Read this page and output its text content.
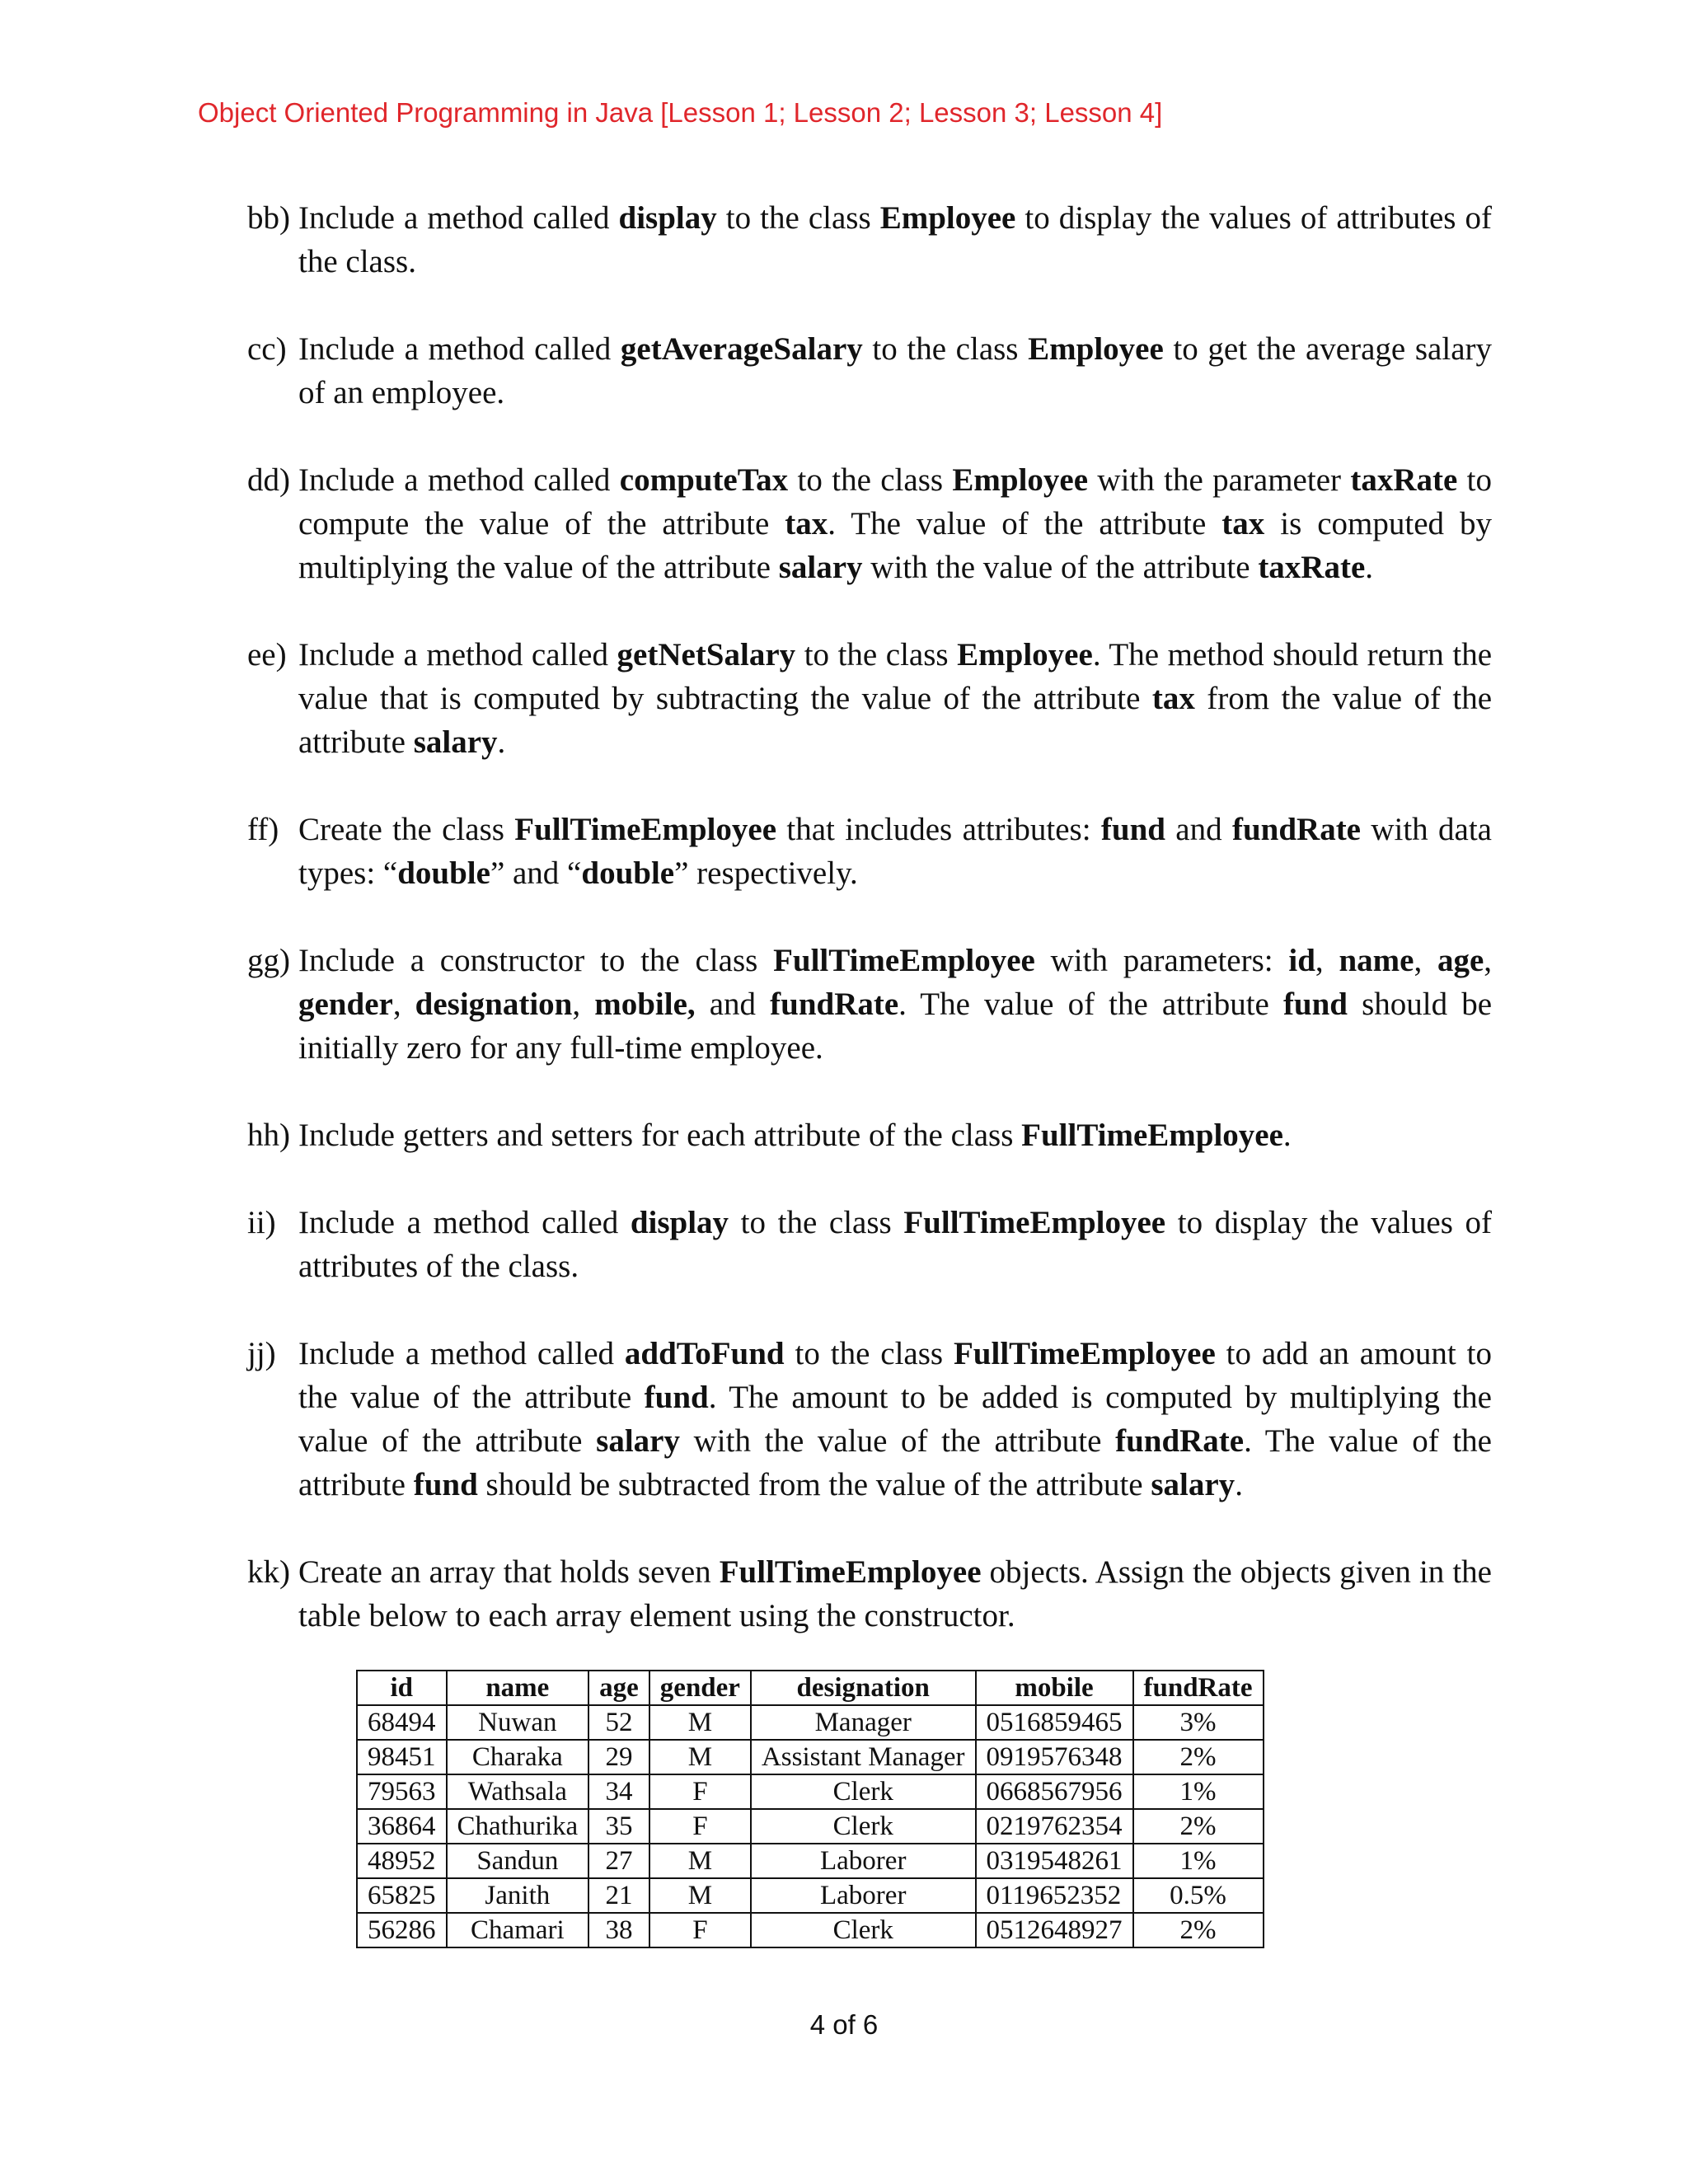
Object Oriented Programming in Java [Lesson 1; Lesson 2; Lesson 3; Lesson 4]
bb) Include a method called display to the class Employee to display the values of attributes of the class.
cc) Include a method called getAverageSalary to the class Employee to get the average salary of an employee.
dd) Include a method called computeTax to the class Employee with the parameter taxRate to compute the value of the attribute tax. The value of the attribute tax is computed by multiplying the value of the attribute salary with the value of the attribute taxRate.
ee) Include a method called getNetSalary to the class Employee. The method should return the value that is computed by subtracting the value of the attribute tax from the value of the attribute salary.
ff) Create the class FullTimeEmployee that includes attributes: fund and fundRate with data types: “double” and “double” respectively.
gg) Include a constructor to the class FullTimeEmployee with parameters: id, name, age, gender, designation, mobile, and fundRate. The value of the attribute fund should be initially zero for any full-time employee.
hh) Include getters and setters for each attribute of the class FullTimeEmployee.
ii) Include a method called display to the class FullTimeEmployee to display the values of attributes of the class.
jj) Include a method called addToFund to the class FullTimeEmployee to add an amount to the value of the attribute fund. The amount to be added is computed by multiplying the value of the attribute salary with the value of the attribute fundRate. The value of the attribute fund should be subtracted from the value of the attribute salary.
kk) Create an array that holds seven FullTimeEmployee objects. Assign the objects given in the table below to each array element using the constructor.
id	name	age	gender	designation	mobile	fundRate
68494	Nuwan	52	M	Manager	0516859465	3%
98451	Charaka	29	M	Assistant Manager	0919576348	2%
79563	Wathsala	34	F	Clerk	0668567956	1%
36864	Chathurika	35	F	Clerk	0219762354	2%
48952	Sandun	27	M	Laborer	0319548261	1%
65825	Janith	21	M	Laborer	0119652352	0.5%
56286	Chamari	38	F	Clerk	0512648927	2%
4 of 6
